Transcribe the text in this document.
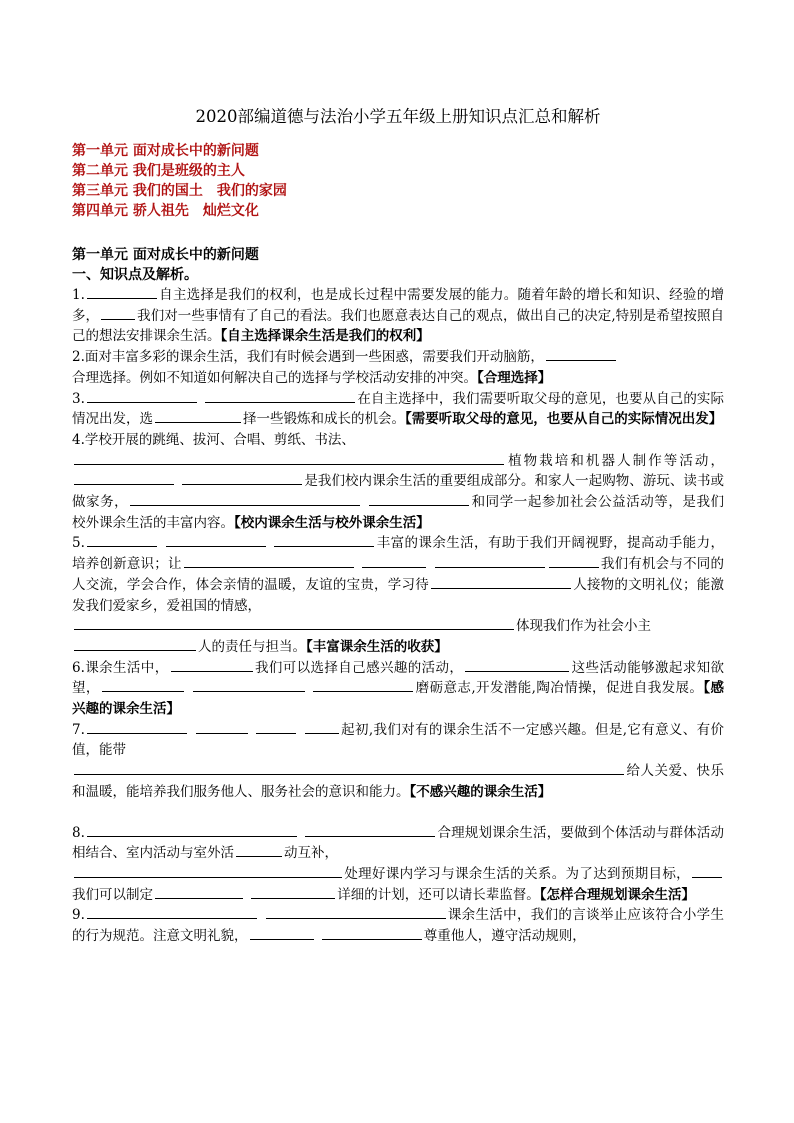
2020部编道德与法治小学五年级上册知识点汇总和解析
第一单元 面对成长中的新问题
第二单元 我们是班级的主人
第三单元 我们的国土　我们的家园
第四单元 骄人祖先　灿烂文化
第一单元 面对成长中的新问题
一、知识点及解析。

1.	自主选择是我们的权利，也是成长过程中需要发展的能力。随着年龄的增长和知识、经验的增多，	我们对一些事情有了自己的看法。我们也愿意表达自己的观点，做出自己的决定,特别是希望按照自己的想法安排课余生活。【自主选择课余生活是我们的权利】

2.面对丰富多彩的课余生活，我们有时候会遇到一些困惑，需要我们开动脑筋，
合理选择。例如不知道如何解决自己的选择与学校活动安排的冲突。【合理选择】

3.	在自主选择中，我们需要听取父母的意见，也要从自己的实际情况出发，选	择一些锻炼和成长的机会。【需要听取父母的意见，也要从自己的实际情况出发】

4.学校开展的跳绳、拔河、合唱、剪纸、书法、
植物栽培和机器人制作等活动， 是我们校内课余生活的重要组成部分。和家人一起购物、游玩、读书或做家务，	和同学一起参加社会公益活动等，是我们校外课余生活的丰富内容。【校内课余生活与校外课余生活】

5.	丰富的课余生活，有助于我们开阔视野，提高动手能力，培养创新意识；让	我们有机会与不同的人交流，学会合作，体会亲情的温暖，友谊的宝贵，学习待	人接物的文明礼仪；能激发我们爱家乡，爱祖国的情感，
体现我们作为社会小主
人的责任与担当。【丰富课余生活的收获】

6.课余生活中，	我们可以选择自己感兴趣的活动，	这些活动能够激起求知欲望，	磨砺意志,开发潜能,陶冶情操，促进自我发展。【感兴趣的课余生活】

7.	起初,我们对有的课余生活不一定感兴趣。但是,它有意义、有价值，能带
给人关爱、快乐和温暖，能培养我们服务他人、服务社会的意识和能力。【不感兴趣的课余生活】

8.	合理规划课余生活，要做到个体活动与群体活动相结合、室内活动与室外活	动互补，
处理好课内学习与课余生活的关系。为了达到预期目标，我们可以制定	详细的计划，还可以请长辈监督。【怎样合理规划课余生活】

9.	课余生活中，我们的言谈举止应该符合小学生的行为规范。注意文明礼貌，	尊重他人，遵守活动规则，
